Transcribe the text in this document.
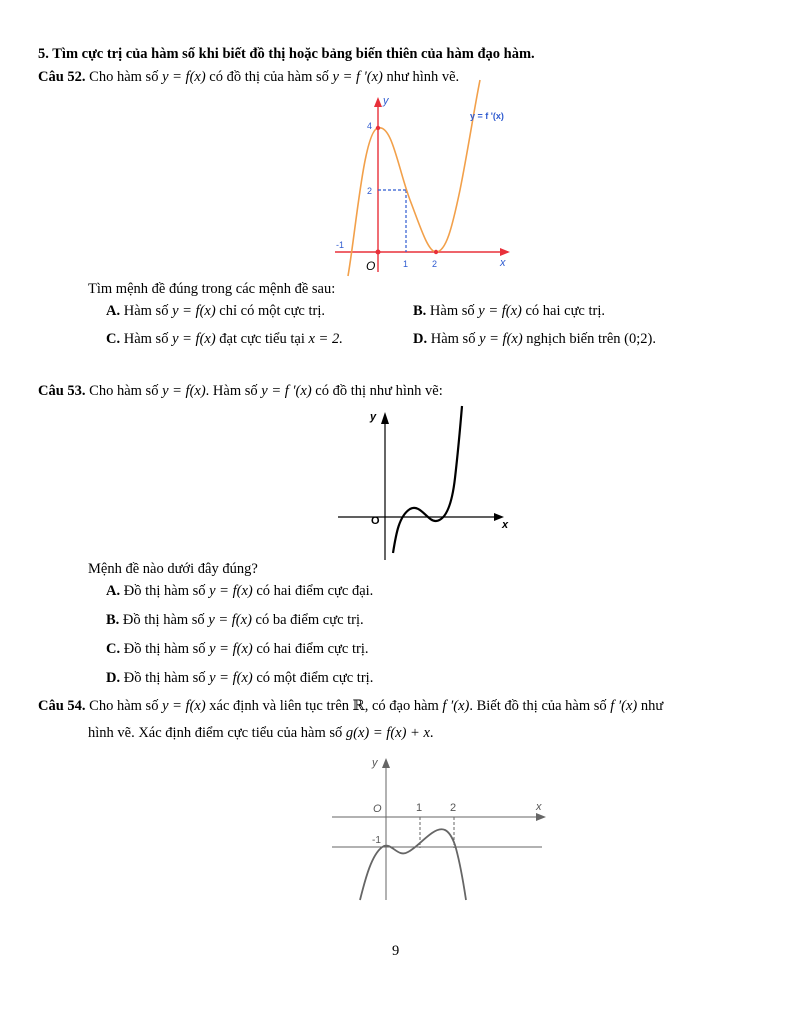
5. Tìm cực trị của hàm số khi biết đồ thị hoặc bảng biến thiên của hàm đạo hàm.
Câu 52. Cho hàm số y = f(x) có đồ thị của hàm số y = f '(x) như hình vẽ.
y
x
O
-1
1	2
4
2
y = f '(x)
Tìm mệnh đề đúng trong các mệnh đề sau:
A. Hàm số y = f(x) chỉ có một cực trị.	B. Hàm số y = f(x) có hai cực trị.
C. Hàm số y = f(x) đạt cực tiểu tại x = 2.	D. Hàm số y = f(x) nghịch biến trên (0;2).
Câu 53. Cho hàm số y = f(x). Hàm số y = f ′(x) có đồ thị như hình vẽ:
y
x
O
Mệnh đề nào dưới đây đúng?
A. Đồ thị hàm số y = f(x) có hai điểm cực đại.
B. Đồ thị hàm số y = f(x) có ba điểm cực trị.
C. Đồ thị hàm số y = f(x) có hai điểm cực trị.
D. Đồ thị hàm số y = f(x) có một điểm cực trị.
Câu 54. Cho hàm số y = f(x) xác định và liên tục trên ℝ, có đạo hàm f ′(x). Biết đồ thị của hàm số f ′(x) như
hình vẽ. Xác định điểm cực tiểu của hàm số g(x) = f(x) + x.
y
x
O	1	2
-1
9
